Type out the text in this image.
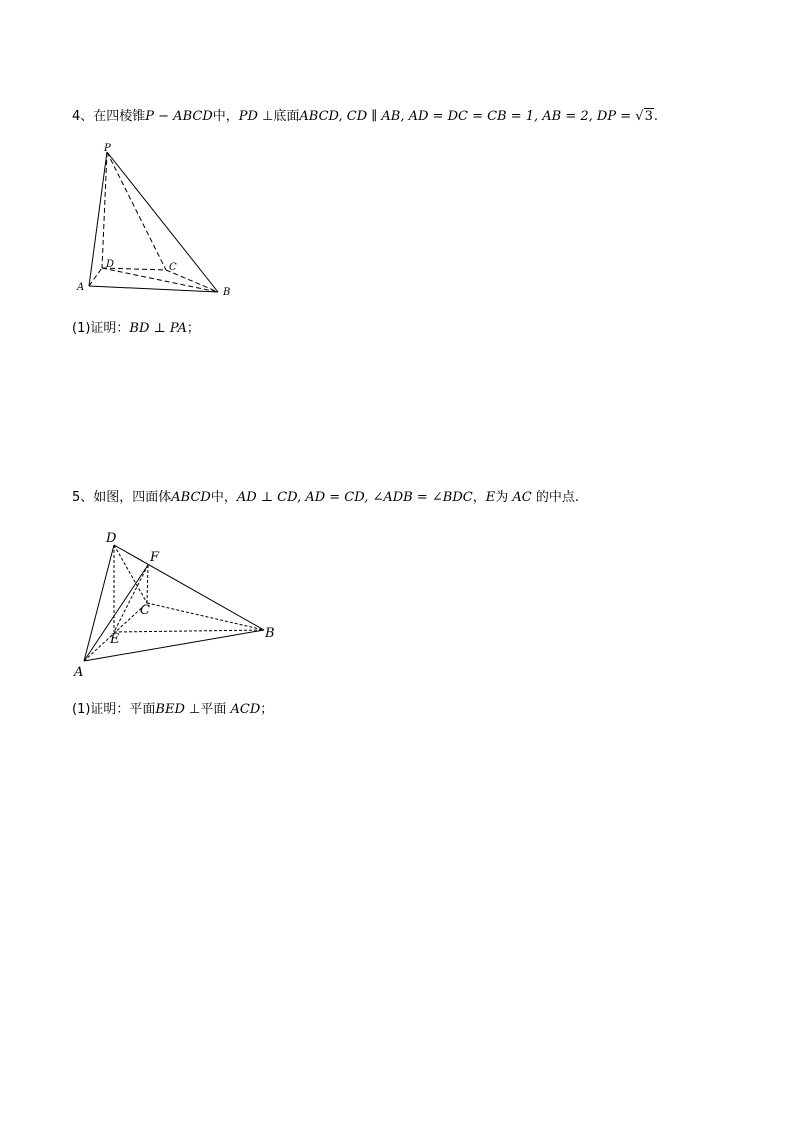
4、在四棱锥P − ABCD中，PD ⊥底面ABCD, CD ∥ AB, AD = DC = CB = 1, AB = 2, DP = √3.
P
D	C
A	B
(1)证明：BD ⊥ PA；
5、如图，四面体ABCD中，AD ⊥ CD, AD = CD, ∠ADB = ∠BDC，E为 AC 的中点.
D
F
C
E
A
B
(1)证明：平面BED ⊥平面 ACD；
